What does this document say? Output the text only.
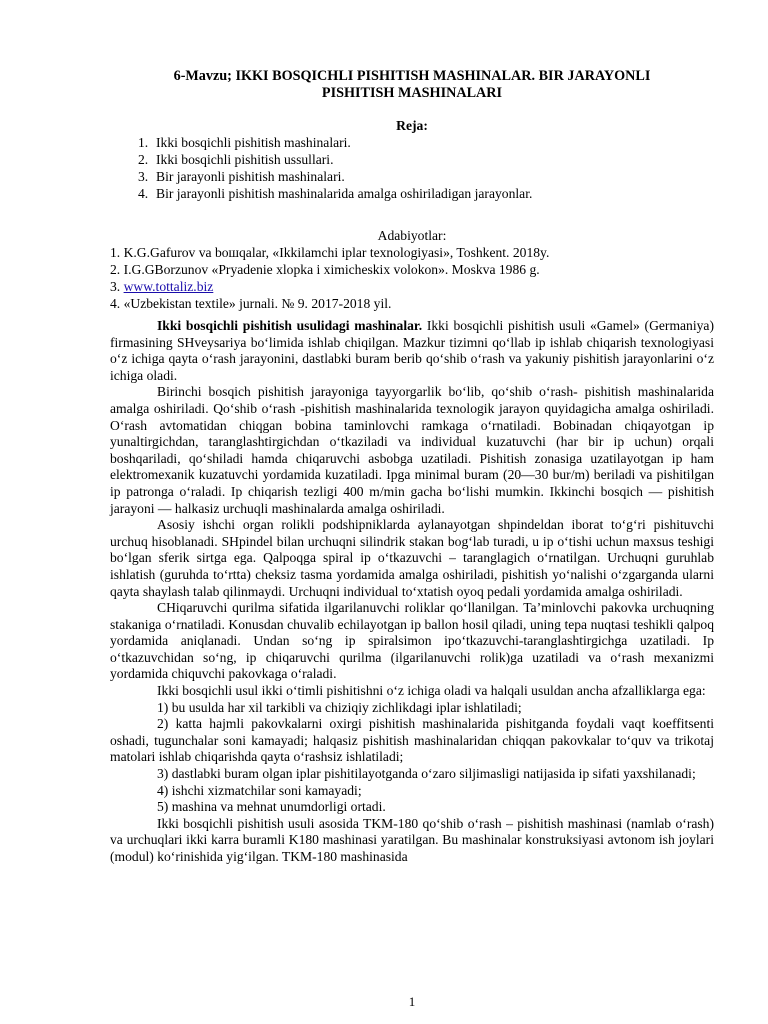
6-Mavzu; IKKI BOSQICHLI PISHITISH MASHINALAR. BIR JARAYONLI
PISHITISH MASHINALARI
Reja:
1. Ikki bosqichli pishitish mashinalari.
2. Ikki bosqichli pishitish ussullari.
3. Bir jarayonli pishitish mashinalari.
4. Bir jarayonli pishitish mashinalarida amalga oshiriladigan jarayonlar.
Adabiyotlar:
1. K.G.Gafurov va boшqalar, «Ikkilamchi iplar texnologiyasi», Toshkent. 2018y.
2. I.G.GBorzunov «Pryadenie xlopka i ximicheskix volokon». Moskva 1986 g.
3. www.tottaliz.biz
4. «Uzbekistan textile» jurnali. № 9. 2017-2018 yil.

Ikki bosqichli pishitish usulidagi mashinalar. Ikki bosqichli pishitish usuli «Gamel» (Germaniya) firmasining SHveysariya bo‘limida ishlab chiqilgan. Mazkur tizimni qo‘llab ip ishlab chiqarish texnologiyasi o‘z ichiga qayta o‘rash jarayonini, dastlabki buram berib qo‘shib o‘rash va yakuniy pishitish jarayonlarini o‘z ichiga oladi.

Birinchi bosqich pishitish jarayoniga tayyorgarlik bo‘lib, qo‘shib o‘rash- pishitish mashinalarida amalga oshiriladi. Qo‘shib o‘rash -pishitish mashinalarida texnologik jarayon quyidagicha amalga oshiriladi. O‘rash avtomatidan chiqgan bobina taminlovchi ramkaga o‘rnatiladi. Bobinadan chiqayotgan ip yunaltirgichdan, taranglashtirgichdan o‘tkaziladi va individual kuzatuvchi (har bir ip uchun) orqali boshqariladi, qo‘shiladi hamda chiqaruvchi asbobga uzatiladi. Pishitish zonasiga uzatilayotgan ip ham elektromexanik kuzatuvchi yordamida kuzatiladi. Ipga minimal buram (20—30 bur/m) beriladi va pishitilgan ip patronga o‘raladi. Ip chiqarish tezligi 400 m/min gacha bo‘lishi mumkin. Ikkinchi bosqich — pishitish jarayoni — halkasiz urchuqli mashinalarda amalga oshiriladi.

Asosiy ishchi organ rolikli podshipniklarda aylanayotgan shpindeldan iborat to‘g‘ri pishituvchi urchuq hisoblanadi. SHpindel bilan urchuqni silindrik stakan bog‘lab turadi, u ip o‘tishi uchun maxsus teshigi bo‘lgan sferik sirtga ega. Qalpoqga spiral ip o‘tkazuvchi – taranglagich o‘rnatilgan. Urchuqni guruhlab ishlatish (guruhda to‘rtta) cheksiz tasma yordamida amalga oshiriladi, pishitish yo‘nalishi o‘zgarganda ularni qayta shaylash talab qilinmaydi. Urchuqni individual to‘xtatish oyoq pedali yordamida amalga oshiriladi.

CHiqaruvchi qurilma sifatida ilgarilanuvchi roliklar qo‘llanilgan. Ta’minlovchi pakovka urchuqning stakaniga o‘rnatiladi. Konusdan chuvalib echilayotgan ip ballon hosil qiladi, uning tepa nuqtasi teshikli qalpoq yordamida aniqlanadi. Undan so‘ng ip spiralsimon ipo‘tkazuvchi-taranglashtirgichga uzatiladi. Ip o‘tkazuvchidan so‘ng, ip chiqaruvchi qurilma (ilgarilanuvchi rolik)ga uzatiladi va o‘rash mexanizmi yordamida chiquvchi pakovkaga o‘raladi.

Ikki bosqichli usul ikki o‘timli pishitishni o‘z ichiga oladi va halqali usuldan ancha afzalliklarga ega:

1) bu usulda har xil tarkibli va chiziqiy zichlikdagi iplar ishlatiladi;

2) katta hajmli pakovkalarni oxirgi pishitish mashinalarida pishitganda foydali vaqt koeffitsenti oshadi, tugunchalar soni kamayadi; halqasiz pishitish mashinalaridan chiqqan pakovkalar to‘quv va trikotaj matolari ishlab chiqarishda qayta o‘rashsiz ishlatiladi;

3) dastlabki buram olgan iplar pishitilayotganda o‘zaro siljimasligi natijasida ip sifati yaxshilanadi;

4) ishchi xizmatchilar soni kamayadi;

5) mashina va mehnat unumdorligi ortadi.

Ikki bosqichli pishitish usuli asosida TKM-180 qo‘shib o‘rash – pishitish mashinasi (namlab o‘rash) va urchuqlari ikki karra buramli K180 mashinasi yaratilgan. Bu mashinalar konstruksiyasi avtonom ish joylari (modul) ko‘rinishida yig‘ilgan. TKM-180 mashinasida

1
